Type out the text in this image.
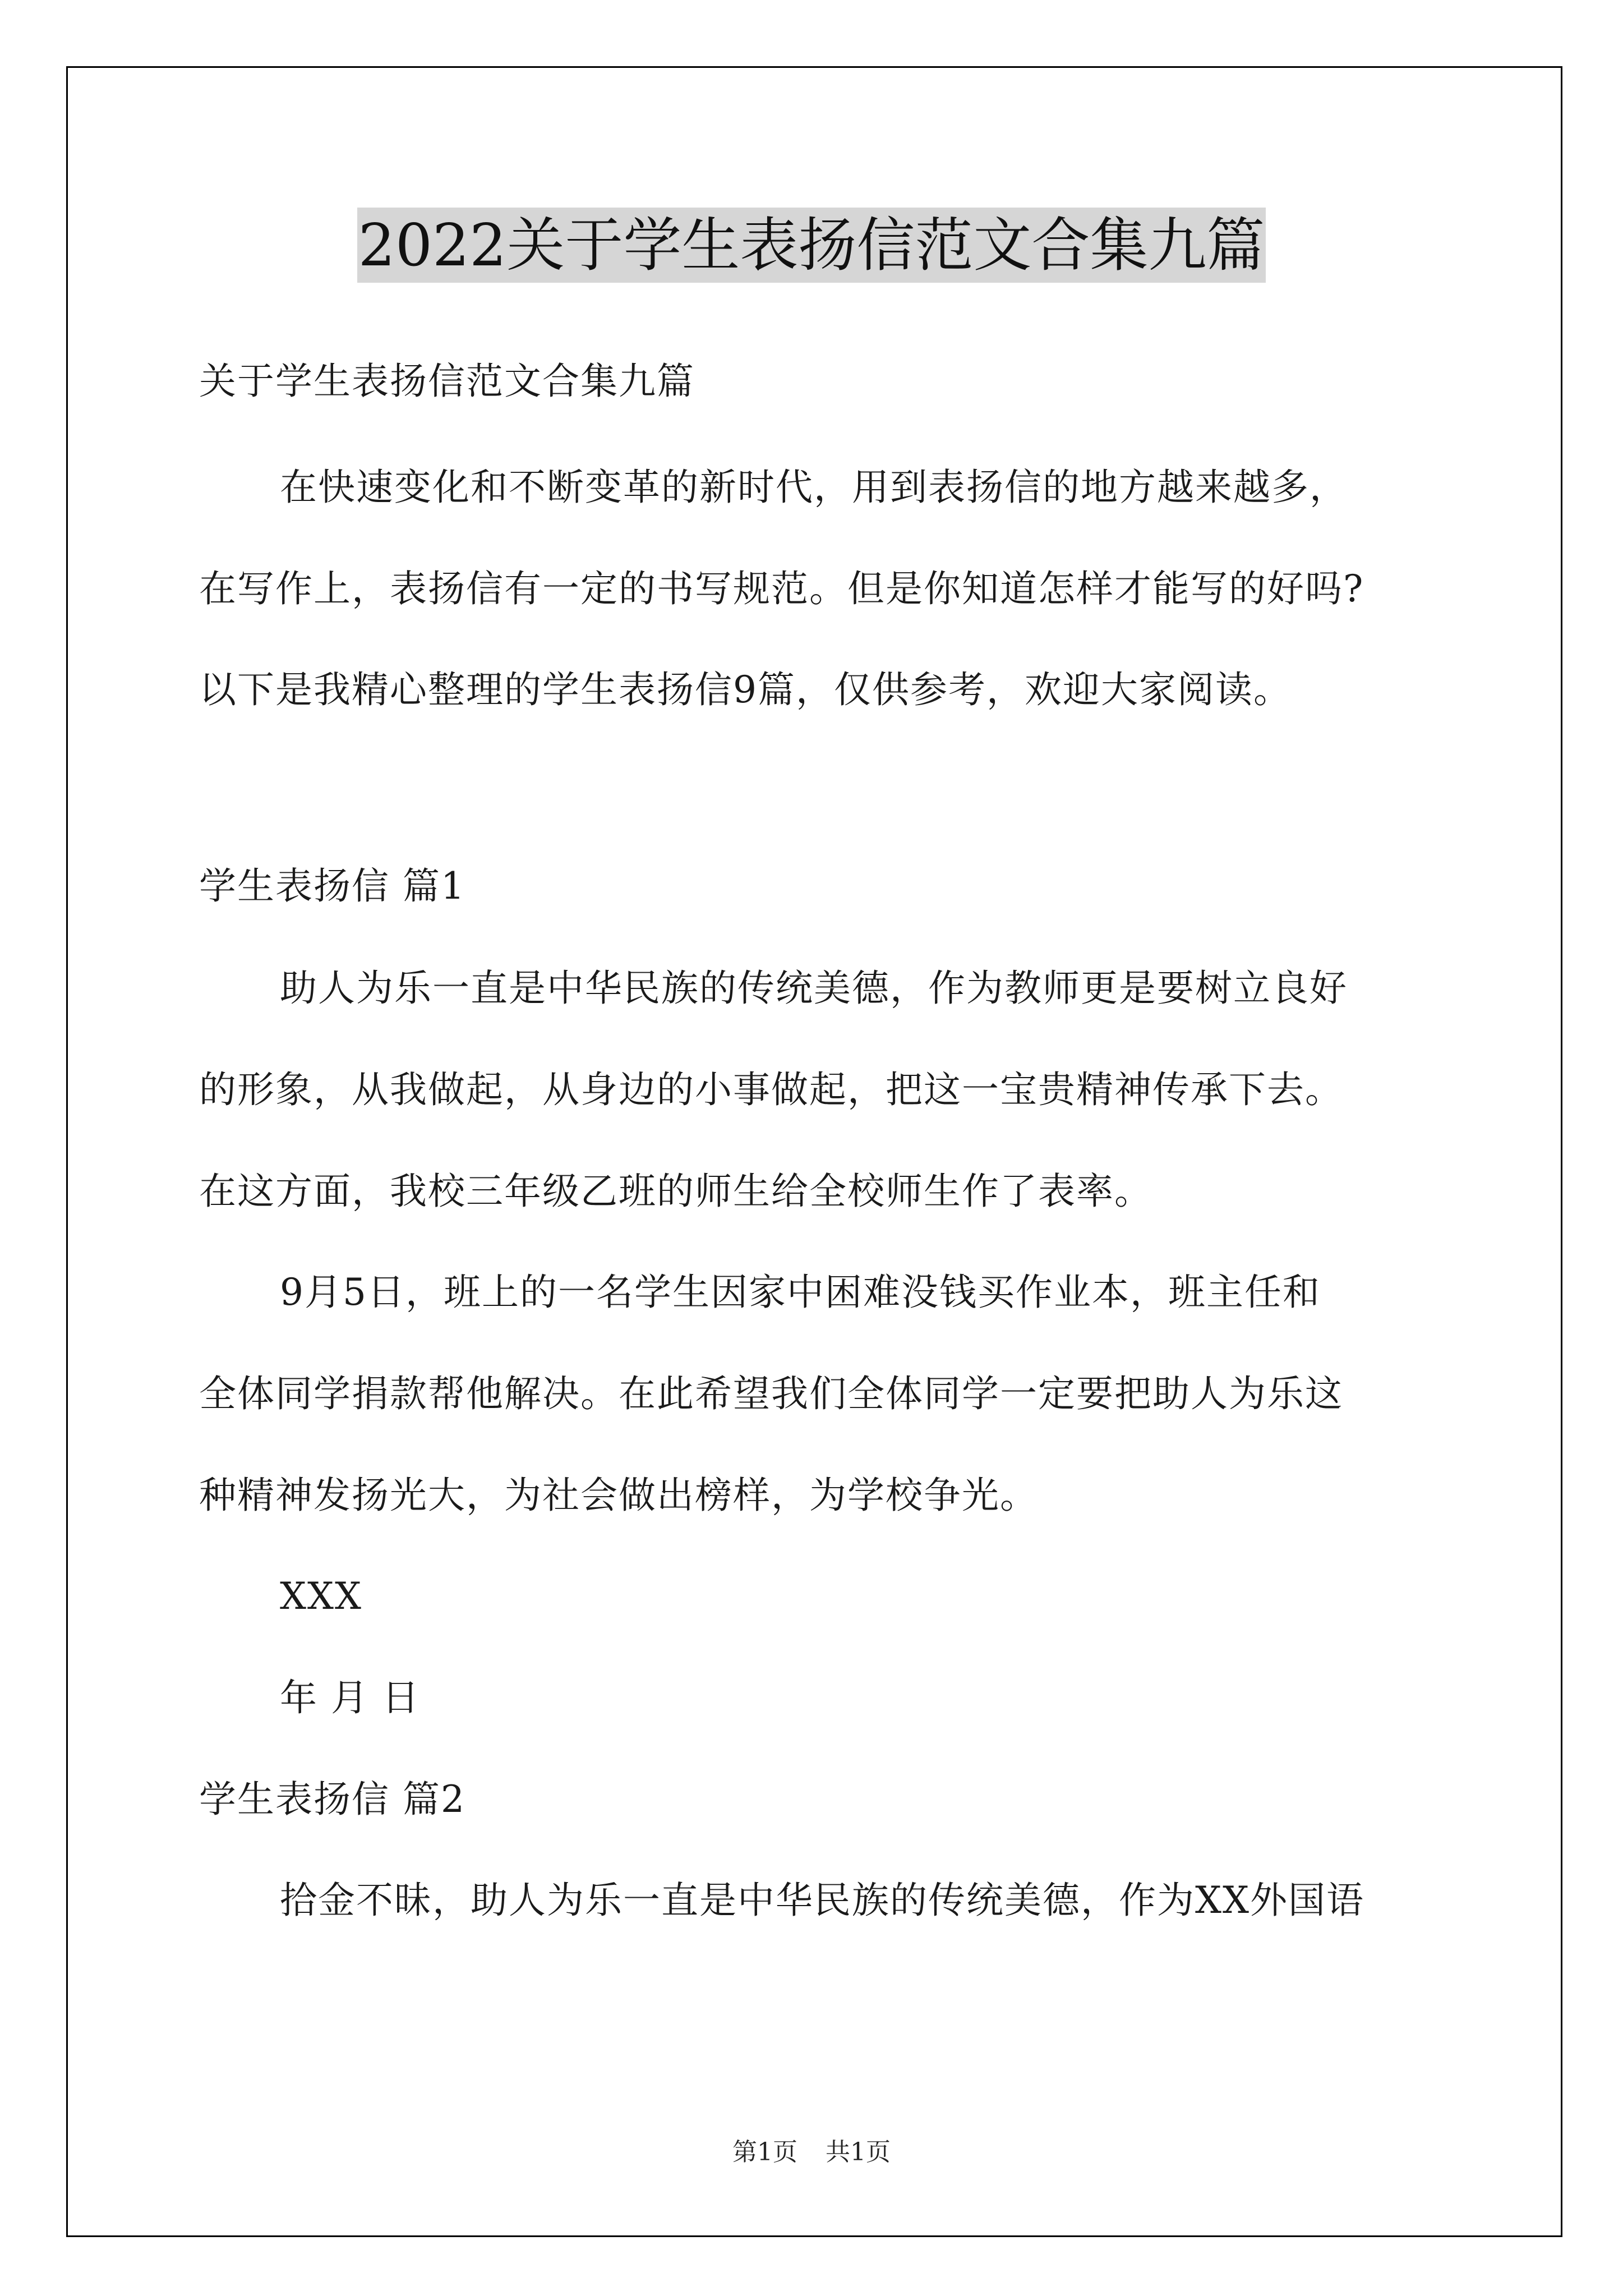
2022关于学生表扬信范文合集九篇
关于学生表扬信范文合集九篇
在快速变化和不断变革的新时代，用到表扬信的地方越来越多，
在写作上，表扬信有一定的书写规范。但是你知道怎样才能写的好吗?
以下是我精心整理的学生表扬信9篇，仅供参考，欢迎大家阅读。
学生表扬信 篇1
助人为乐一直是中华民族的传统美德，作为教师更是要树立良好
的形象，从我做起，从身边的小事做起，把这一宝贵精神传承下去。
在这方面，我校三年级乙班的师生给全校师生作了表率。
9月5日，班上的一名学生因家中困难没钱买作业本，班主任和
全体同学捐款帮他解决。在此希望我们全体同学一定要把助人为乐这
种精神发扬光大，为社会做出榜样，为学校争光。
XXX
年 月 日
学生表扬信 篇2
拾金不昧，助人为乐一直是中华民族的传统美德，作为XX外国语
第1页 共1页
